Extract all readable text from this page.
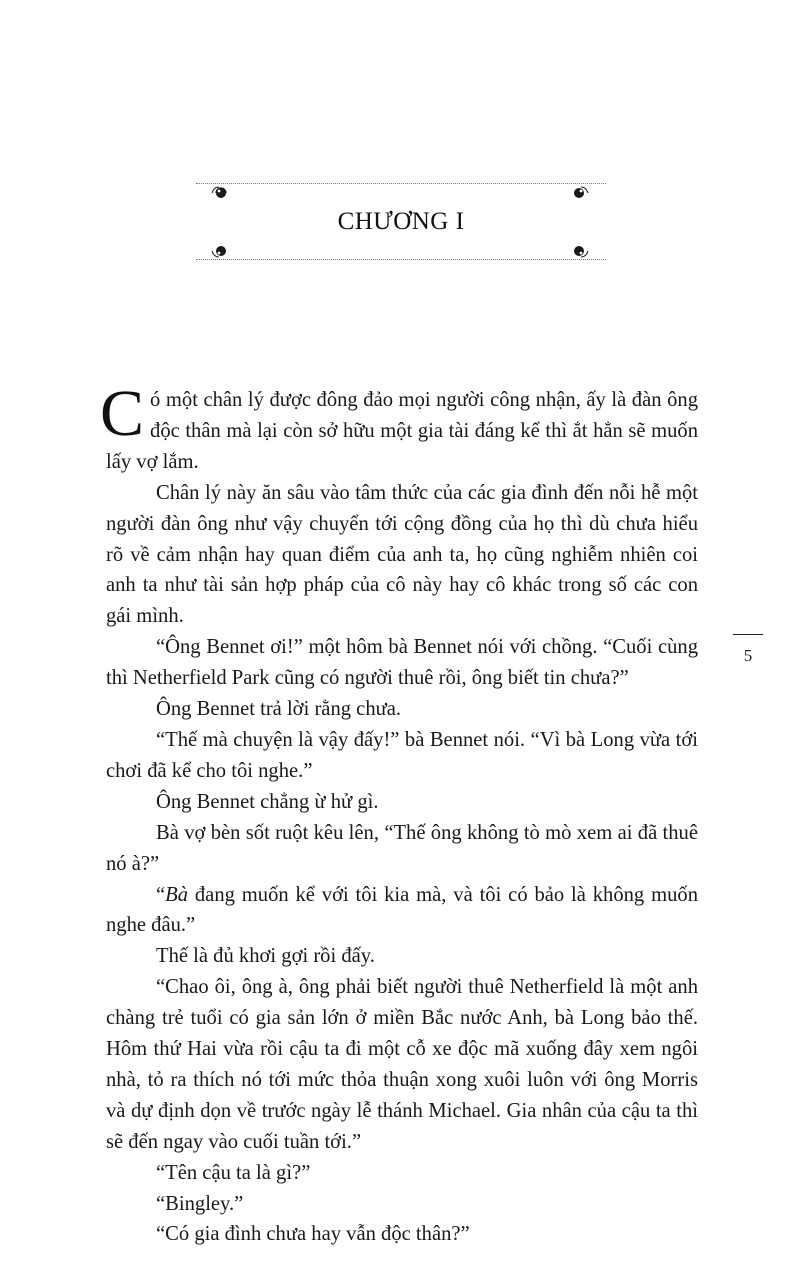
CHƯƠNG I

Có một chân lý được đông đảo mọi người công nhận, ấy là đàn ông độc thân mà lại còn sở hữu một gia tài đáng kể thì ắt hẳn sẽ muốn lấy vợ lắm.

Chân lý này ăn sâu vào tâm thức của các gia đình đến nỗi hễ một người đàn ông như vậy chuyển tới cộng đồng của họ thì dù chưa hiểu rõ về cảm nhận hay quan điểm của anh ta, họ cũng nghiễm nhiên coi anh ta như tài sản hợp pháp của cô này hay cô khác trong số các con gái mình.

“Ông Bennet ơi!” một hôm bà Bennet nói với chồng. “Cuối cùng thì Netherfield Park cũng có người thuê rồi, ông biết tin chưa?”

Ông Bennet trả lời rằng chưa.

“Thế mà chuyện là vậy đấy!” bà Bennet nói. “Vì bà Long vừa tới chơi đã kể cho tôi nghe.”

Ông Bennet chẳng ừ hử gì.

Bà vợ bèn sốt ruột kêu lên, “Thế ông không tò mò xem ai đã thuê nó à?”

“Bà đang muốn kể với tôi kia mà, và tôi có bảo là không muốn nghe đâu.”

Thế là đủ khơi gợi rồi đấy.

“Chao ôi, ông à, ông phải biết người thuê Netherfield là một anh chàng trẻ tuổi có gia sản lớn ở miền Bắc nước Anh, bà Long bảo thế. Hôm thứ Hai vừa rồi cậu ta đi một cỗ xe độc mã xuống đây xem ngôi nhà, tỏ ra thích nó tới mức thỏa thuận xong xuôi luôn với ông Morris và dự định dọn về trước ngày lễ thánh Michael. Gia nhân của cậu ta thì sẽ đến ngay vào cuối tuần tới.”

“Tên cậu ta là gì?”

“Bingley.”

“Có gia đình chưa hay vẫn độc thân?”

5
